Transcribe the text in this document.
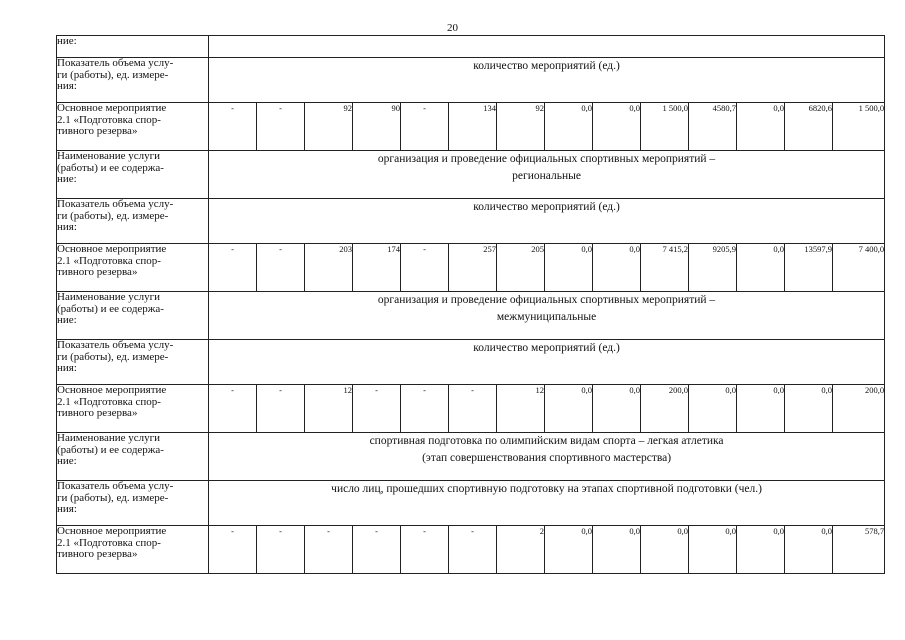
20
ние:														
Показатель объема услу-
ги (работы), ед. измере-
ния:	количество мероприятий (ед.)													
Основное мероприятие
2.1 «Подготовка спор-
тивного резерва»	-	-	92	90	-	134	92	0,0	0,0	1 500,0	4580,7	0,0	6820,6	1 500,0
Наименование услуги
(работы) и ее содержа-
ние:	организация и проведение официальных спортивных мероприятий –
региональные													
Показатель объема услу-
ги (работы), ед. измере-
ния:	количество мероприятий (ед.)													
Основное мероприятие
2.1 «Подготовка спор-
тивного резерва»	-	-	203	174	-	257	205	0,0	0,0	7 415,2	9205,9	0,0	13597,9	7 400,0
Наименование услуги
(работы) и ее содержа-
ние:	организация и проведение официальных спортивных мероприятий –
межмуниципальные													
Показатель объема услу-
ги (работы), ед. измере-
ния:	количество мероприятий (ед.)													
Основное мероприятие
2.1 «Подготовка спор-
тивного резерва»	-	-	12	-	-	-	12	0,0	0,0	200,0	0,0	0,0	0,0	200,0
Наименование услуги
(работы) и ее содержа-
ние:	спортивная подготовка по олимпийским видам спорта – легкая атлетика
(этап совершенствования спортивного мастерства)													
Показатель объема услу-
ги (работы), ед. измере-
ния:	число лиц, прошедших спортивную подготовку на этапах спортивной подготовки (чел.)													
Основное мероприятие
2.1 «Подготовка спор-
тивного резерва»	-	-	-	-	-	-	2	0,0	0,0	0,0	0,0	0,0	0,0	578,7
